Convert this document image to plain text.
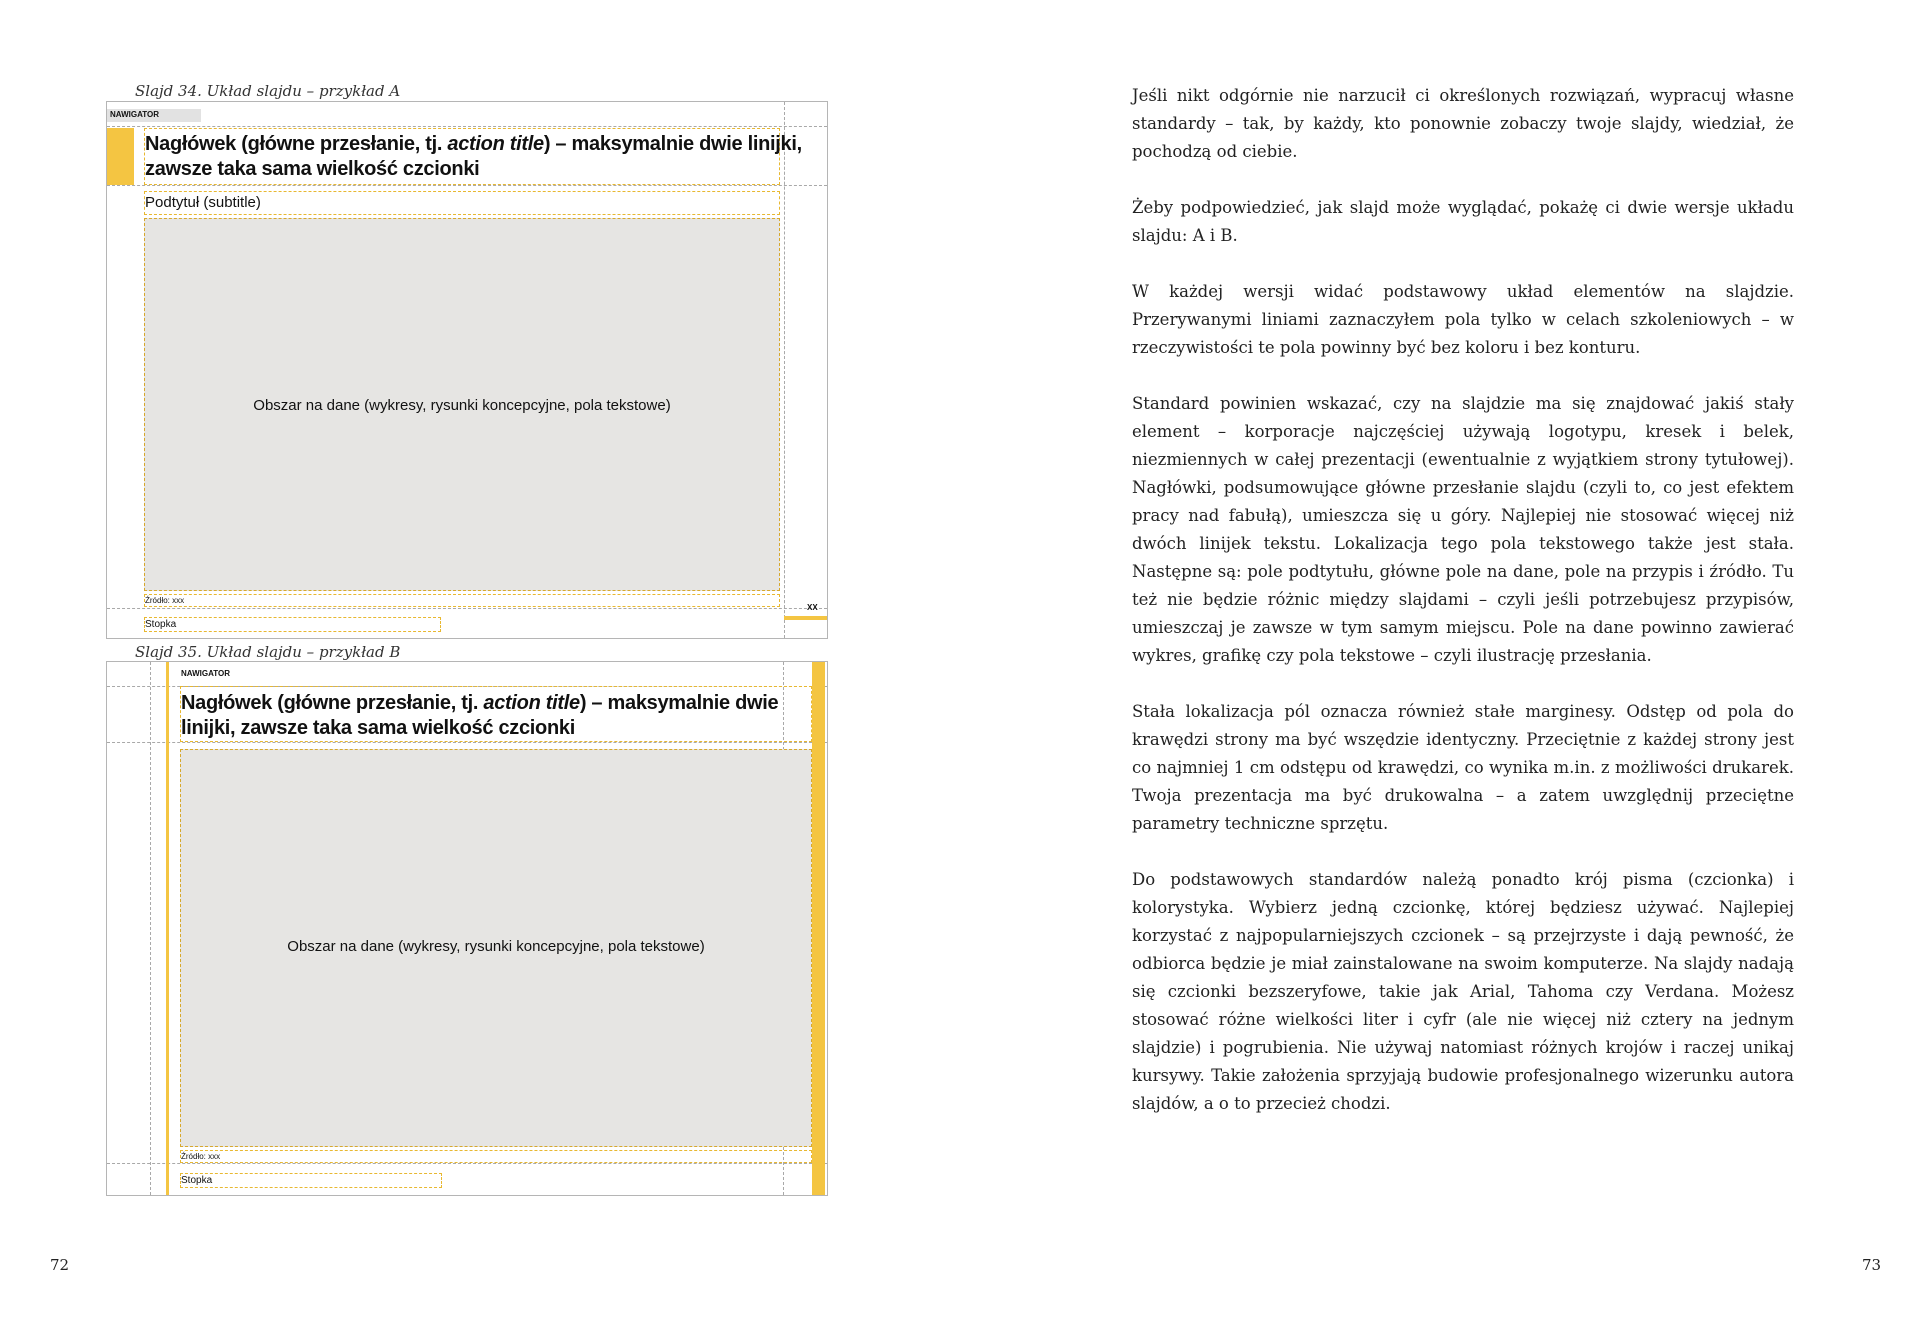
Slajd 34. Układ slajdu – przykład A
NAWIGATOR
Nagłówek (główne przesłanie, tj. action title) – maksymalnie dwie linijki,
zawsze taka sama wielkość czcionki
Podtytuł (subtitle)
Obszar na dane (wykresy, rysunki koncepcyjne, pola tekstowe)
Źródło: xxx
XX
Stopka
Slajd 35. Układ slajdu – przykład B
NAWIGATOR
Nagłówek (główne przesłanie, tj. action title) – maksymalnie dwie
linijki, zawsze taka sama wielkość czcionki
Obszar na dane (wykresy, rysunki koncepcyjne, pola tekstowe)
Źródło: xxx
Stopka
72	73

Jeśli nikt odgórnie nie narzucił ci określonych rozwiązań, wypracuj własne standardy – tak, by każdy, kto ponownie zobaczy twoje slajdy, wiedział, że pochodzą od ciebie.

Żeby podpowiedzieć, jak slajd może wyglądać, pokażę ci dwie wersje układu slajdu: A i B.

W każdej wersji widać podstawowy układ elementów na slajdzie. Przerywanymi liniami zaznaczyłem pola tylko w celach szkoleniowych – w rzeczywistości te pola powinny być bez koloru i bez konturu.

Standard powinien wskazać, czy na slajdzie ma się znajdować jakiś stały element – korporacje najczęściej używają logotypu, kresek i belek, niezmiennych w całej prezentacji (ewentualnie z wyjątkiem strony tytułowej). Nagłówki, podsumowujące główne przesłanie slajdu (czyli to, co jest efektem pracy nad fabułą), umieszcza się u góry. Najlepiej nie stosować więcej niż dwóch linijek tekstu. Lokalizacja tego pola tekstowego także jest stała. Następne są: pole podtytułu, główne pole na dane, pole na przypis i źródło. Tu też nie będzie różnic między slajdami – czyli jeśli potrzebujesz przypisów, umieszczaj je zawsze w tym samym miejscu. Pole na dane powinno zawierać wykres, grafikę czy pola tekstowe – czyli ilustrację przesłania.

Stała lokalizacja pól oznacza również stałe marginesy. Odstęp od pola do krawędzi strony ma być wszędzie identyczny. Przeciętnie z każdej strony jest co najmniej 1 cm odstępu od krawędzi, co wynika m.in. z możliwości drukarek. Twoja prezentacja ma być drukowalna – a zatem uwzględnij przeciętne parametry techniczne sprzętu.

Do podstawowych standardów należą ponadto krój pisma (czcionka) i kolorystyka. Wybierz jedną czcionkę, której będziesz używać. Najlepiej korzystać z najpopularniejszych czcionek – są przejrzyste i dają pewność, że odbiorca będzie je miał zainstalowane na swoim komputerze. Na slajdy nadają się czcionki bezszeryfowe, takie jak Arial, Tahoma czy Verdana. Możesz stosować różne wielkości liter i cyfr (ale nie więcej niż cztery na jednym slajdzie) i pogrubienia. Nie używaj natomiast różnych krojów i raczej unikaj kursywy. Takie założenia sprzyjają budowie profesjonalnego wizerunku autora slajdów, a o to przecież chodzi.
